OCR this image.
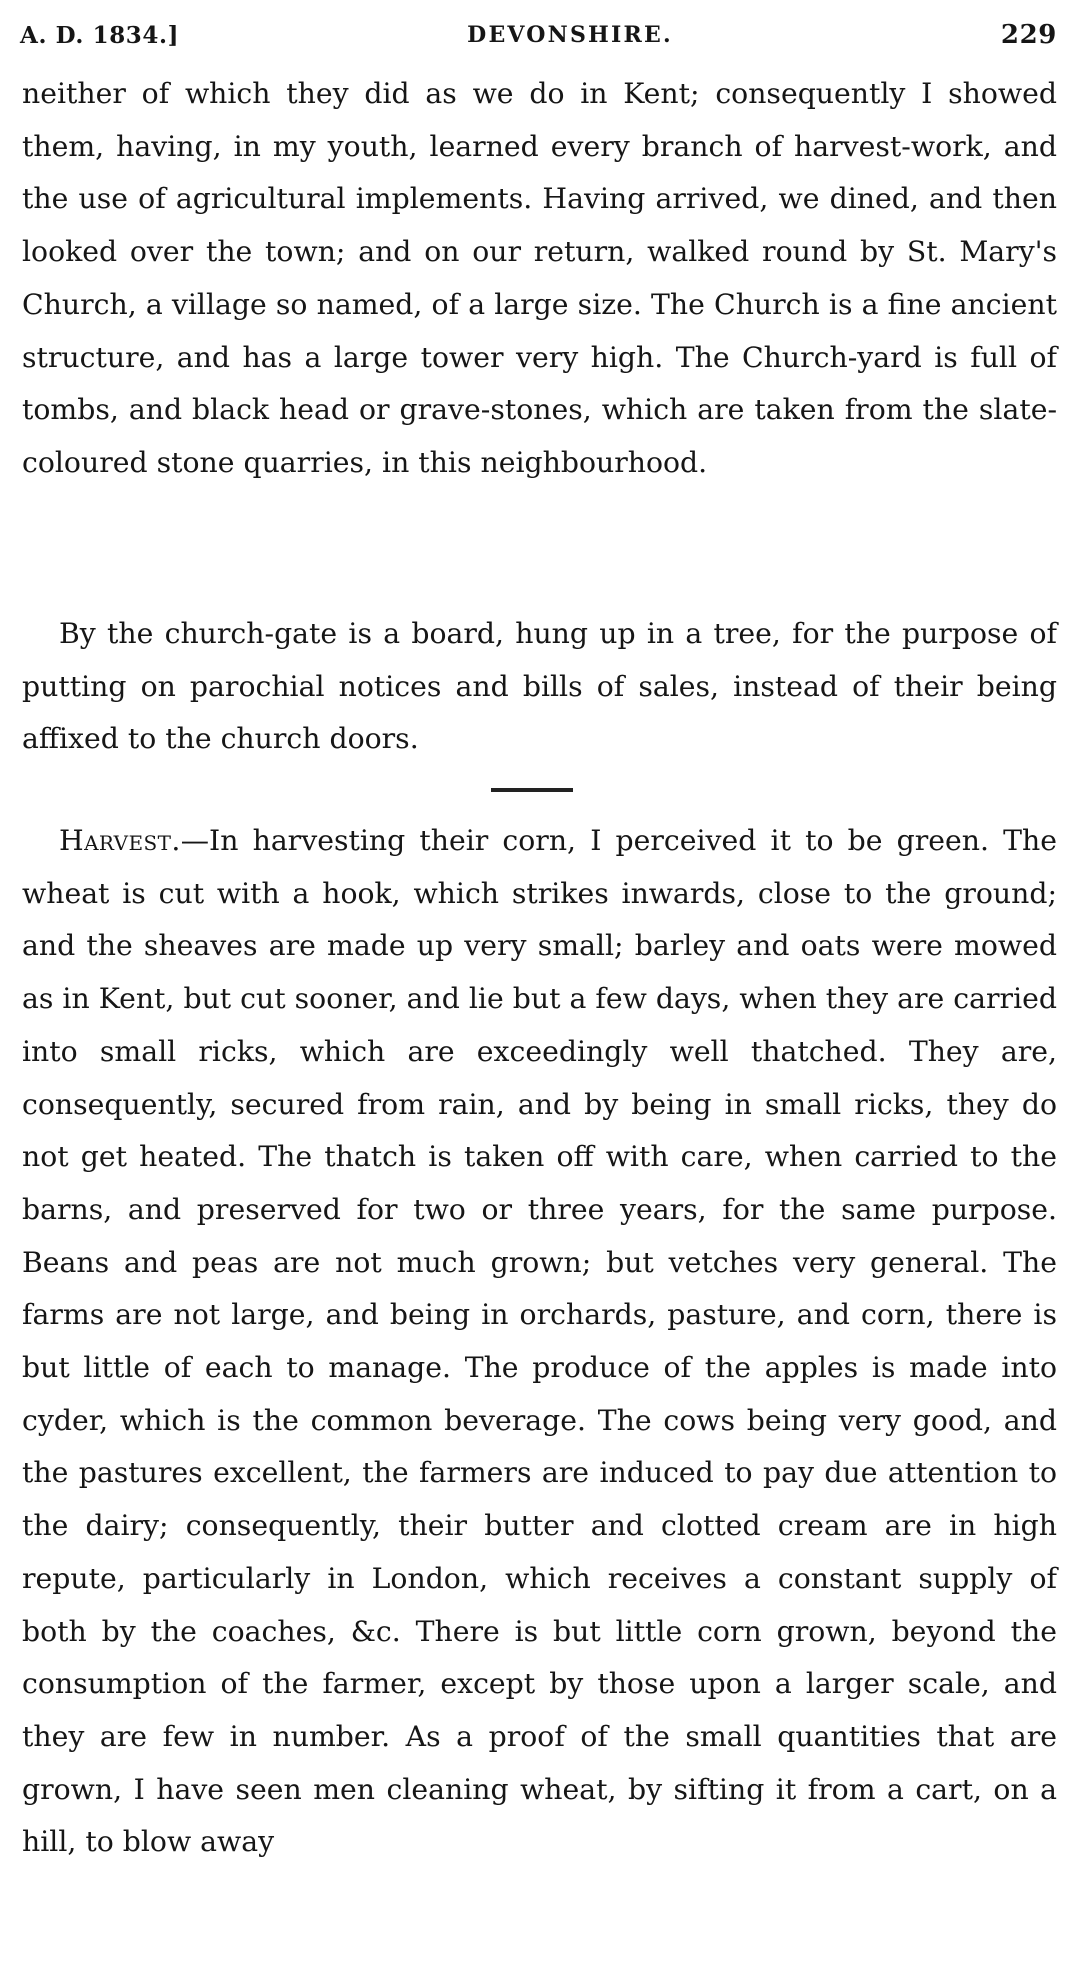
A. D. 1834.]	DEVONSHIRE.	229

neither of which they did as we do in Kent; consequently I showed them, having, in my youth, learned every branch of harvest-work, and the use of agricultural implements. Having arrived, we dined, and then looked over the town; and on our return, walked round by St. Mary's Church, a village so named, of a large size. The Church is a fine ancient structure, and has a large tower very high. The Church-yard is full of tombs, and black head or grave-stones, which are taken from the slate-coloured stone quarries, in this neighbourhood.

By the church-gate is a board, hung up in a tree, for the purpose of putting on parochial notices and bills of sales, instead of their being affixed to the church doors.

Harvest.—In harvesting their corn, I perceived it to be green. The wheat is cut with a hook, which strikes inwards, close to the ground; and the sheaves are made up very small; barley and oats were mowed as in Kent, but cut sooner, and lie but a few days, when they are carried into small ricks, which are exceedingly well thatched. They are, consequently, secured from rain, and by being in small ricks, they do not get heated. The thatch is taken off with care, when carried to the barns, and preserved for two or three years, for the same purpose. Beans and peas are not much grown; but vetches very general. The farms are not large, and being in orchards, pasture, and corn, there is but little of each to manage. The produce of the apples is made into cyder, which is the common beverage. The cows being very good, and the pastures excellent, the farmers are induced to pay due attention to the dairy; consequently, their butter and clotted cream are in high repute, particularly in London, which receives a constant supply of both by the coaches, &c. There is but little corn grown, beyond the consumption of the farmer, except by those upon a larger scale, and they are few in number. As a proof of the small quantities that are grown, I have seen men cleaning wheat, by sifting it from a cart, on a hill, to blow away
